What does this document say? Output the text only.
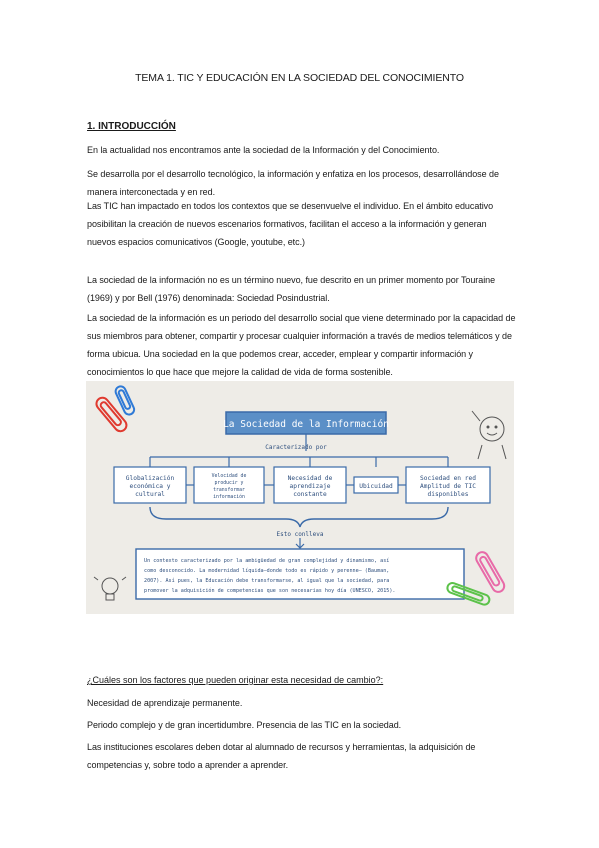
TEMA 1. TIC Y EDUCACIÓN EN LA SOCIEDAD DEL CONOCIMIENTO
1. INTRODUCCIÓN
En la actualidad nos encontramos ante la sociedad de la Información y del Conocimiento.
Se desarrolla por el desarrollo tecnológico, la información y enfatiza en los procesos, desarrollándose de manera interconectada y en red.
Las TIC han impactado en todos los contextos que se desenvuelve el individuo. En el ámbito educativo posibilitan la creación de nuevos escenarios formativos, facilitan el acceso a la información y generan nuevos espacios comunicativos (Google, youtube, etc.)
La sociedad de la información no es un término nuevo, fue descrito en un primer momento por Touraine (1969) y por Bell (1976) denominada: Sociedad Posindustrial.
La sociedad de la información es un periodo del desarrollo social que viene determinado por la capacidad de sus miembros para obtener, compartir y procesar cualquier información a través de medios telemáticos y de forma ubicua. Una sociedad en la que podemos crear, acceder, emplear y compartir información y conocimientos lo que hace que mejore la calidad de vida de forma sostenible.
La Sociedad de la Información
Caracterizado por
Globalización
económica y
cultural
Velocidad de
producir y
transformar
información
Necesidad de
aprendizaje
constante
Ubicuidad
Sociedad en red
Amplitud de TIC
disponibles
Esto conlleva
Un contexto caracterizado por la ambigüedad de gran complejidad y dinamismo, así
como desconocido. La modernidad líquida–donde todo es rápido y perenne– (Bauman,
2007). Así pues, la Educación debe transformarse, al igual que la sociedad, para
promover la adquisición de competencias que son necesarias hoy día (UNESCO, 2015).
¿Cuáles son los factores que pueden originar esta necesidad de cambio?:
Necesidad de aprendizaje permanente.
Periodo complejo y de gran incertidumbre. Presencia de las TIC en la sociedad.
Las instituciones escolares deben dotar al alumnado de recursos y herramientas, la adquisición de competencias y, sobre todo a aprender a aprender.
